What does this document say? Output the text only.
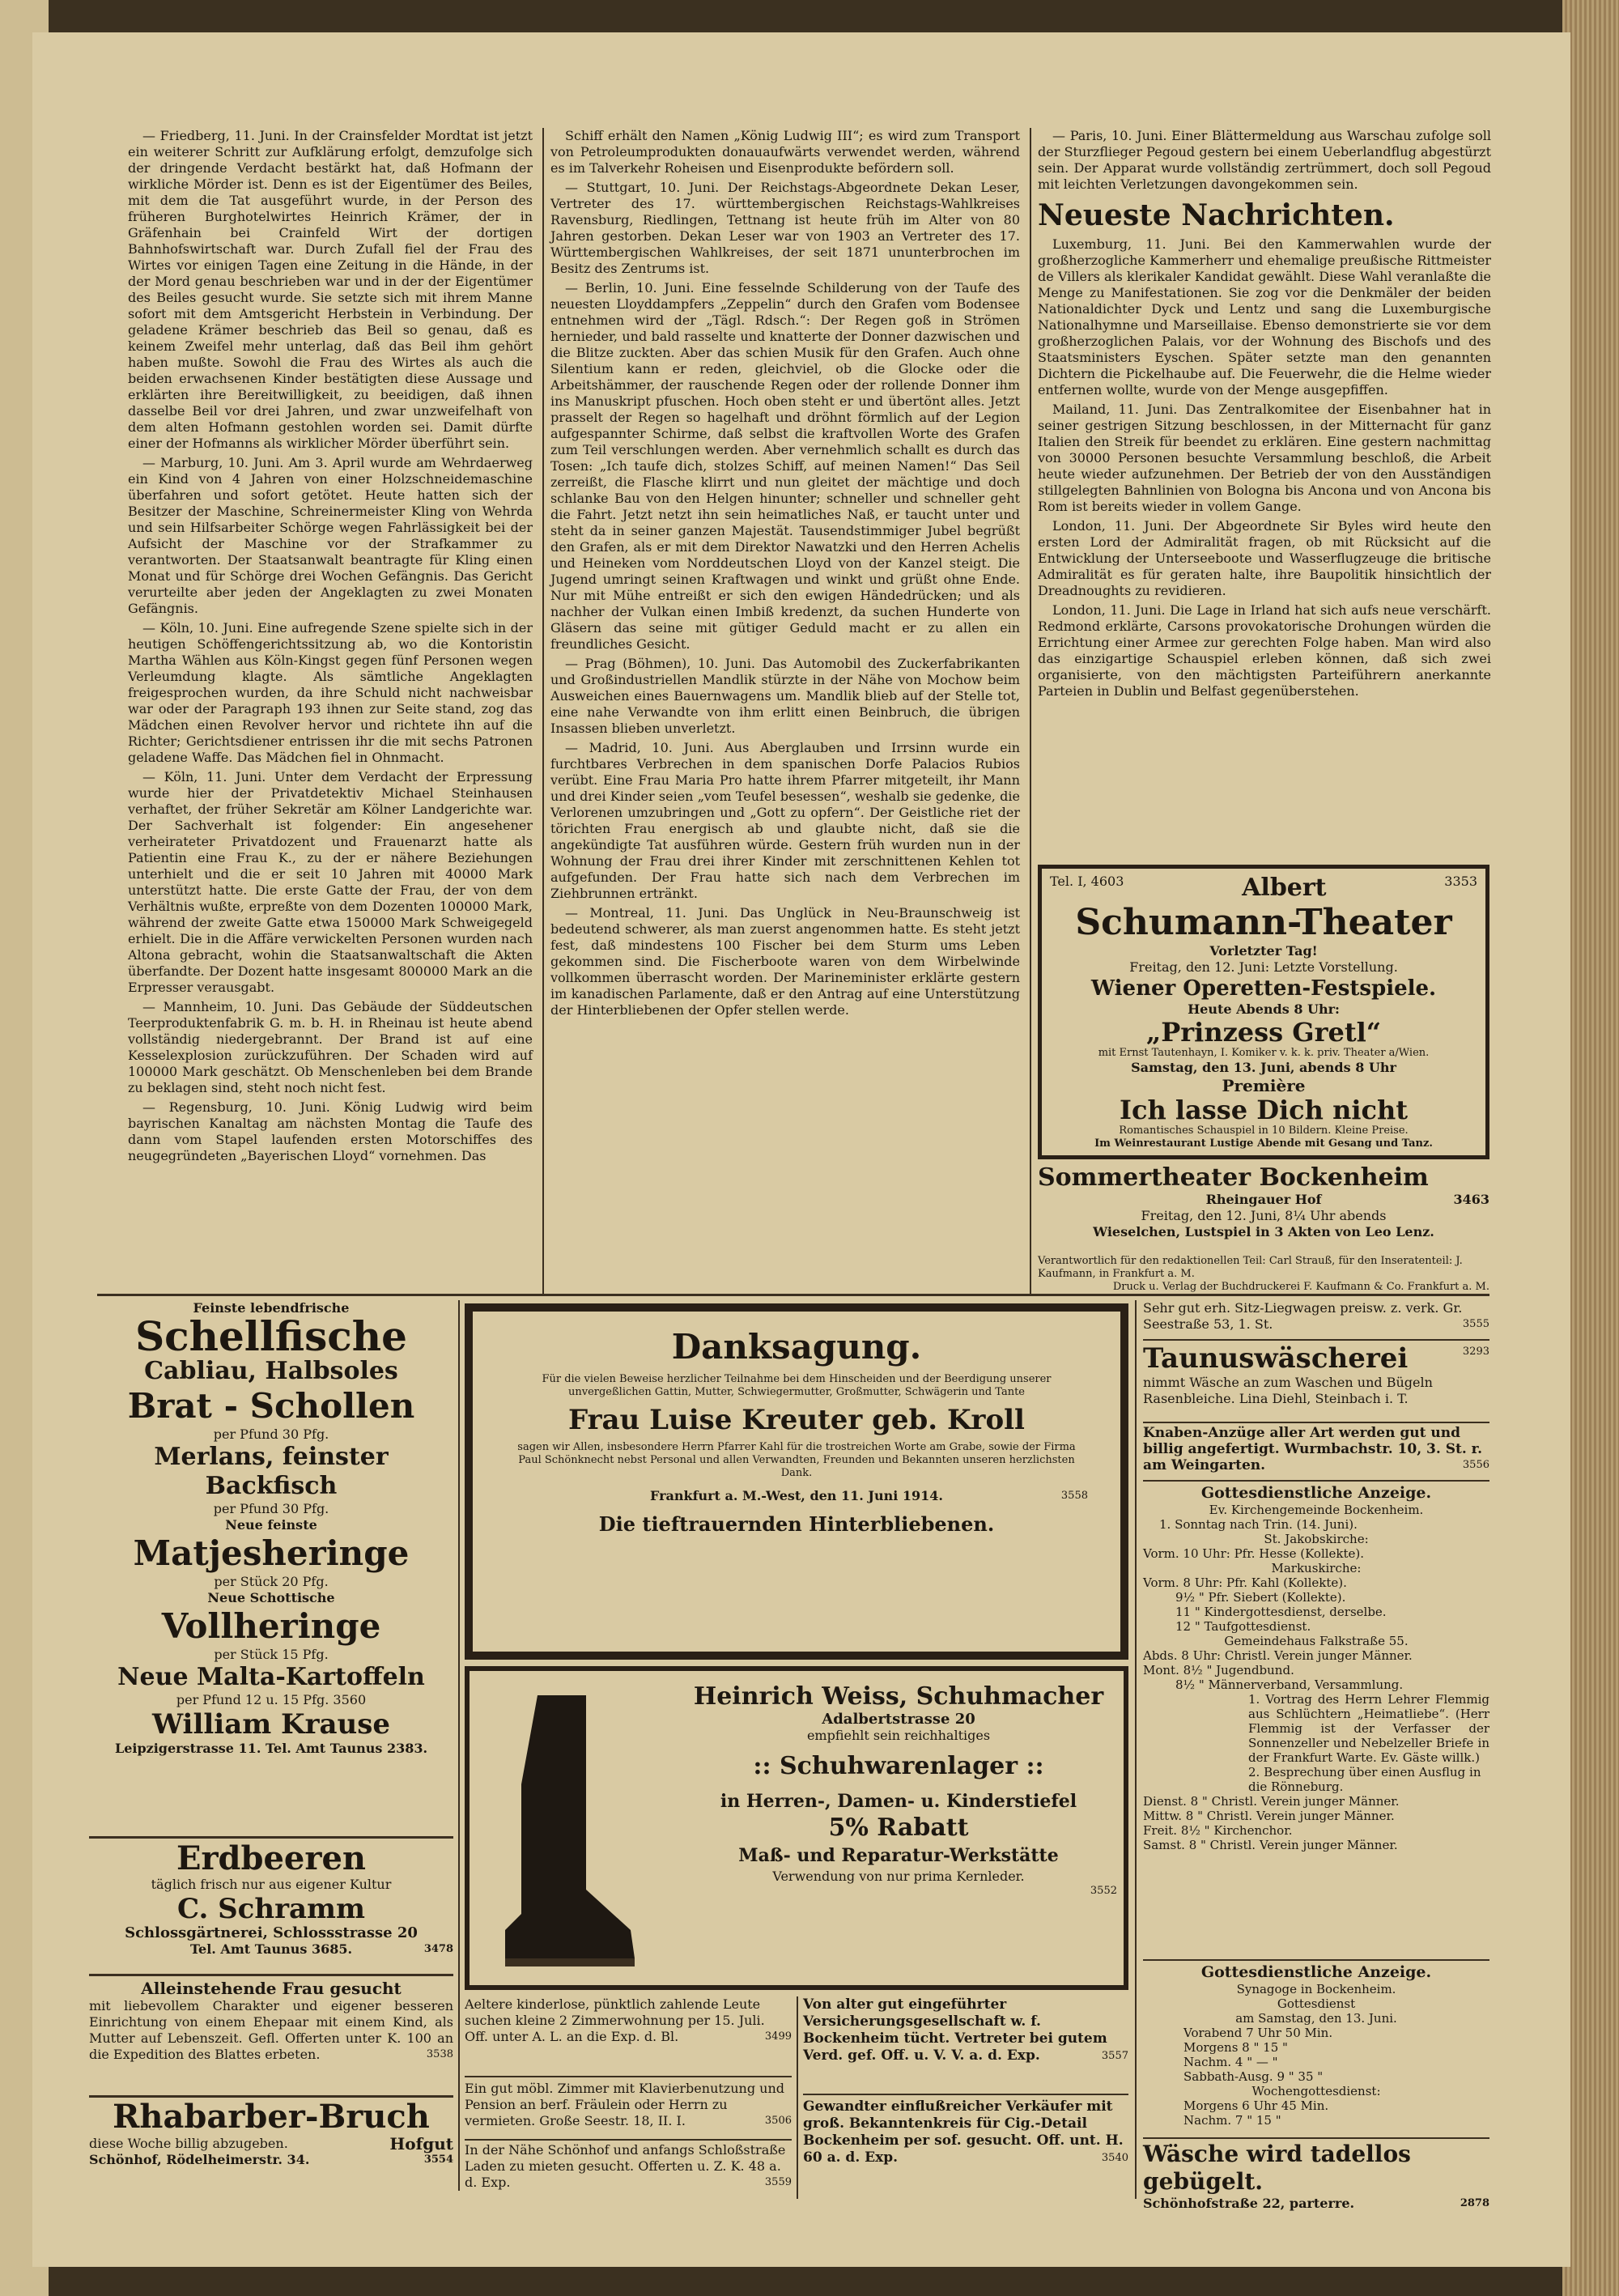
— Friedberg, 11. Juni. In der Crainsfelder Mordtat ist jetzt ein weiterer Schritt zur Aufklärung erfolgt, demzufolge sich der dringende Verdacht bestärkt hat, daß Hofmann der wirkliche Mörder ist. Denn es ist der Eigentümer des Beiles, mit dem die Tat ausgeführt wurde, in der Person des früheren Burghotelwirtes Heinrich Krämer, der in Gräfenhain bei Crainfeld Wirt der dortigen Bahnhofswirtschaft war. Durch Zufall fiel der Frau des Wirtes vor einigen Tagen eine Zeitung in die Hände, in der der Mord genau beschrieben war und in der der Eigentümer des Beiles gesucht wurde. Sie setzte sich mit ihrem Manne sofort mit dem Amtsgericht Herbstein in Verbindung. Der geladene Krämer beschrieb das Beil so genau, daß es keinem Zweifel mehr unterlag, daß das Beil ihm gehört haben mußte. Sowohl die Frau des Wirtes als auch die beiden erwachsenen Kinder bestätigten diese Aussage und erklärten ihre Bereitwilligkeit, zu beeidigen, daß ihnen dasselbe Beil vor drei Jahren, und zwar unzweifelhaft von dem alten Hofmann gestohlen worden sei. Damit dürfte einer der Hofmanns als wirklicher Mörder überführt sein.

— Marburg, 10. Juni. Am 3. April wurde am Wehrdaerweg ein Kind von 4 Jahren von einer Holzschneidemaschine überfahren und sofort getötet. Heute hatten sich der Besitzer der Maschine, Schreinermeister Kling von Wehrda und sein Hilfsarbeiter Schörge wegen Fahrlässigkeit bei der Aufsicht der Maschine vor der Strafkammer zu verantworten. Der Staatsanwalt beantragte für Kling einen Monat und für Schörge drei Wochen Gefängnis. Das Gericht verurteilte aber jeden der Angeklagten zu zwei Monaten Gefängnis.

— Köln, 10. Juni. Eine aufregende Szene spielte sich in der heutigen Schöffengerichtssitzung ab, wo die Kontoristin Martha Wählen aus Köln-Kingst gegen fünf Personen wegen Verleumdung klagte. Als sämtliche Angeklagten freigesprochen wurden, da ihre Schuld nicht nachweisbar war oder der Paragraph 193 ihnen zur Seite stand, zog das Mädchen einen Revolver hervor und richtete ihn auf die Richter; Gerichtsdiener entrissen ihr die mit sechs Patronen geladene Waffe. Das Mädchen fiel in Ohnmacht.

— Köln, 11. Juni. Unter dem Verdacht der Erpressung wurde hier der Privatdetektiv Michael Steinhausen verhaftet, der früher Sekretär am Kölner Landgerichte war. Der Sachverhalt ist folgender: Ein angesehener verheirateter Privatdozent und Frauenarzt hatte als Patientin eine Frau K., zu der er nähere Beziehungen unterhielt und die er seit 10 Jahren mit 40000 Mark unterstützt hatte. Die erste Gatte der Frau, der von dem Verhältnis wußte, erpreßte von dem Dozenten 100000 Mark, während der zweite Gatte etwa 150000 Mark Schweigegeld erhielt. Die in die Affäre verwickelten Personen wurden nach Altona gebracht, wohin die Staatsanwaltschaft die Akten überfandte. Der Dozent hatte insgesamt 800000 Mark an die Erpresser verausgabt.

— Mannheim, 10. Juni. Das Gebäude der Süddeutschen Teerproduktenfabrik G. m. b. H. in Rheinau ist heute abend vollständig niedergebrannt. Der Brand ist auf eine Kesselexplosion zurückzuführen. Der Schaden wird auf 100000 Mark geschätzt. Ob Menschenleben bei dem Brande zu beklagen sind, steht noch nicht fest.

— Regensburg, 10. Juni. König Ludwig wird beim bayrischen Kanaltag am nächsten Montag die Taufe des dann vom Stapel laufenden ersten Motorschiffes des neugegründeten „Bayerischen Lloyd“ vornehmen. Das

Schiff erhält den Namen „König Ludwig III“; es wird zum Transport von Petroleumprodukten donauaufwärts verwendet werden, während es im Talverkehr Roheisen und Eisenprodukte befördern soll.

— Stuttgart, 10. Juni. Der Reichstags-Abgeordnete Dekan Leser, Vertreter des 17. württembergischen Reichstags-Wahlkreises Ravensburg, Riedlingen, Tettnang ist heute früh im Alter von 80 Jahren gestorben. Dekan Leser war von 1903 an Vertreter des 17. Württembergischen Wahlkreises, der seit 1871 ununterbrochen im Besitz des Zentrums ist.

— Berlin, 10. Juni. Eine fesselnde Schilderung von der Taufe des neuesten Lloyddampfers „Zeppelin“ durch den Grafen vom Bodensee entnehmen wird der „Tägl. Rdsch.“: Der Regen goß in Strömen hernieder, und bald rasselte und knatterte der Donner dazwischen und die Blitze zuckten. Aber das schien Musik für den Grafen. Auch ohne Silentium kann er reden, gleichviel, ob die Glocke oder die Arbeitshämmer, der rauschende Regen oder der rollende Donner ihm ins Manuskript pfuschen. Hoch oben steht er und übertönt alles. Jetzt prasselt der Regen so hagelhaft und dröhnt förmlich auf der Legion aufgespannter Schirme, daß selbst die kraftvollen Worte des Grafen zum Teil verschlungen werden. Aber vernehmlich schallt es durch das Tosen: „Ich taufe dich, stolzes Schiff, auf meinen Namen!“ Das Seil zerreißt, die Flasche klirrt und nun gleitet der mächtige und doch schlanke Bau von den Helgen hinunter; schneller und schneller geht die Fahrt. Jetzt netzt ihn sein heimatliches Naß, er taucht unter und steht da in seiner ganzen Majestät. Tausendstimmiger Jubel begrüßt den Grafen, als er mit dem Direktor Nawatzki und den Herren Achelis und Heineken vom Norddeutschen Lloyd von der Kanzel steigt. Die Jugend umringt seinen Kraftwagen und winkt und grüßt ohne Ende. Nur mit Mühe entreißt er sich den ewigen Händedrücken; und als nachher der Vulkan einen Imbiß kredenzt, da suchen Hunderte von Gläsern das seine mit gütiger Geduld macht er zu allen ein freundliches Gesicht.

— Prag (Böhmen), 10. Juni. Das Automobil des Zuckerfabrikanten und Großindustriellen Mandlik stürzte in der Nähe von Mochow beim Ausweichen eines Bauernwagens um. Mandlik blieb auf der Stelle tot, eine nahe Verwandte von ihm erlitt einen Beinbruch, die übrigen Insassen blieben unverletzt.

— Madrid, 10. Juni. Aus Aberglauben und Irrsinn wurde ein furchtbares Verbrechen in dem spanischen Dorfe Palacios Rubios verübt. Eine Frau Maria Pro hatte ihrem Pfarrer mitgeteilt, ihr Mann und drei Kinder seien „vom Teufel besessen“, weshalb sie gedenke, die Verlorenen umzubringen und „Gott zu opfern“. Der Geistliche riet der törichten Frau energisch ab und glaubte nicht, daß sie die angekündigte Tat ausführen würde. Gestern früh wurden nun in der Wohnung der Frau drei ihrer Kinder mit zerschnittenen Kehlen tot aufgefunden. Der Frau hatte sich nach dem Verbrechen im Ziehbrunnen ertränkt.

— Montreal, 11. Juni. Das Unglück in Neu-Braunschweig ist bedeutend schwerer, als man zuerst angenommen hatte. Es steht jetzt fest, daß mindestens 100 Fischer bei dem Sturm ums Leben gekommen sind. Die Fischerboote waren von dem Wirbelwinde vollkommen überrascht worden. Der Marineminister erklärte gestern im kanadischen Parlamente, daß er den Antrag auf eine Unterstützung der Hinterbliebenen der Opfer stellen werde.

— Paris, 10. Juni. Einer Blättermeldung aus Warschau zufolge soll der Sturzflieger Pegoud gestern bei einem Ueberlandflug abgestürzt sein. Der Apparat wurde vollständig zertrümmert, doch soll Pegoud mit leichten Verletzungen davongekommen sein.

Neueste Nachrichten.

Luxemburg, 11. Juni. Bei den Kammerwahlen wurde der großherzogliche Kammerherr und ehemalige preußische Rittmeister de Villers als klerikaler Kandidat gewählt. Diese Wahl veranlaßte die Menge zu Manifestationen. Sie zog vor die Denkmäler der beiden Nationaldichter Dyck und Lentz und sang die Luxemburgische Nationalhymne und Marseillaise. Ebenso demonstrierte sie vor dem großherzoglichen Palais, vor der Wohnung des Bischofs und des Staatsministers Eyschen. Später setzte man den genannten Dichtern die Pickelhaube auf. Die Feuerwehr, die die Helme wieder entfernen wollte, wurde von der Menge ausgepfiffen.

Mailand, 11. Juni. Das Zentralkomitee der Eisenbahner hat in seiner gestrigen Sitzung beschlossen, in der Mitternacht für ganz Italien den Streik für beendet zu erklären. Eine gestern nachmittag von 30000 Personen besuchte Versammlung beschloß, die Arbeit heute wieder aufzunehmen. Der Betrieb der von den Ausständigen stillgelegten Bahnlinien von Bologna bis Ancona und von Ancona bis Rom ist bereits wieder in vollem Gange.

London, 11. Juni. Der Abgeordnete Sir Byles wird heute den ersten Lord der Admiralität fragen, ob mit Rücksicht auf die Entwicklung der Unterseeboote und Wasserflugzeuge die britische Admiralität es für geraten halte, ihre Baupolitik hinsichtlich der Dreadnoughts zu revidieren.

London, 11. Juni. Die Lage in Irland hat sich aufs neue verschärft. Redmond erklärte, Carsons provokatorische Drohungen würden die Errichtung einer Armee zur gerechten Folge haben. Man wird also das einzigartige Schauspiel erleben können, daß sich zwei organisierte, von den mächtigsten Parteiführern anerkannte Parteien in Dublin und Belfast gegenüberstehen.

Tel. I, 4603	3353
Albert
Schumann-Theater
Vorletzter Tag!
Freitag, den 12. Juni: Letzte Vorstellung.
Wiener Operetten-Festspiele.
Heute Abends 8 Uhr:
„Prinzess Gretl“
mit Ernst Tautenhayn, I. Komiker v. k. k. priv. Theater a/Wien.
Samstag, den 13. Juni, abends 8 Uhr
Première
Ich lasse Dich nicht
Romantisches Schauspiel in 10 Bildern. Kleine Preise.
Im Weinrestaurant Lustige Abende mit Gesang und Tanz.
Sommertheater Bockenheim
Rheingauer Hof	3463
Freitag, den 12. Juni, 8¼ Uhr abends
Wieselchen, Lustspiel in 3 Akten von Leo Lenz.
Verantwortlich für den redaktionellen Teil: Carl Strauß, für den Inseratenteil: J. Kaufmann, in Frankfurt a. M.
Druck u. Verlag der Buchdruckerei F. Kaufmann & Co. Frankfurt a. M.
Feinste lebendfrische
Schellfische
Cabliau, Halbsoles
Brat - Schollen
per Pfund 30 Pfg.
Merlans, feinster Backfisch
per Pfund 30 Pfg.
Neue feinste
Matjesheringe
per Stück 20 Pfg.
Neue Schottische
Vollheringe
per Stück 15 Pfg.
Neue Malta-Kartoffeln
per Pfund 12 u. 15 Pfg. 3560
William Krause
Leipzigerstrasse 11. Tel. Amt Taunus 2383.
Erdbeeren
täglich frisch nur aus eigener Kultur
C. Schramm
Schlossgärtnerei, Schlossstrasse 20
Tel. Amt Taunus 3685.	3478
Alleinstehende Frau gesucht
mit liebevollem Charakter und eigener besseren Einrichtung von einem Ehepaar mit einem Kind, als Mutter auf Lebenszeit. Gefl. Offerten unter K. 100 an die Expedition des Blattes erbeten.	3538
Rhabarber-Bruch
diese Woche billig abzugeben.	Hofgut
Schönhof, Rödelheimerstr. 34.	3554
Danksagung.
Für die vielen Beweise herzlicher Teilnahme bei dem Hinscheiden und der Beerdigung unserer unvergeßlichen Gattin, Mutter, Schwiegermutter, Großmutter, Schwägerin und Tante
Frau Luise Kreuter geb. Kroll
sagen wir Allen, insbesondere Herrn Pfarrer Kahl für die trostreichen Worte am Grabe, sowie der Firma Paul Schönknecht nebst Personal und allen Verwandten, Freunden und Bekannten unseren herzlichsten Dank.
Frankfurt a. M.-West, den 11. Juni 1914.	3558
Die tieftrauernden Hinterbliebenen.
Heinrich Weiss, Schuhmacher
Adalbertstrasse 20
empfiehlt sein reichhaltiges
:: Schuhwarenlager ::
in Herren-, Damen- u. Kinderstiefel
5% Rabatt
Maß- und Reparatur-Werkstätte
Verwendung von nur prima Kernleder.
3552
Aeltere kinderlose, pünktlich zahlende Leute suchen kleine 2 Zimmerwohnung per 15. Juli. Off. unter A. L. an die Exp. d. Bl.	3499
Ein gut möbl. Zimmer mit Klavierbenutzung und Pension an berf. Fräulein oder Herrn zu vermieten. Große Seestr. 18, II. I.	3506
In der Nähe Schönhof und anfangs Schloßstraße Laden zu mieten gesucht. Offerten u. Z. K. 48 a. d. Exp.	3559
Von alter gut eingeführter Versicherungsgesellschaft w. f. Bockenheim tücht. Vertreter bei gutem Verd. gef. Off. u. V. V. a. d. Exp.	3557
Gewandter einflußreicher Verkäufer mit groß. Bekanntenkreis für Cig.-Detail Bockenheim per sof. gesucht. Off. unt. H. 60 a. d. Exp.	3540
Sehr gut erh. Sitz-Liegwagen preisw. z. verk. Gr. Seestraße 53, 1. St.	3555
Taunuswäscherei
nimmt Wäsche an zum Waschen und Bügeln Rasenbleiche. Lina Diehl, Steinbach i. T.
3293
Knaben-Anzüge aller Art werden gut und billig angefertigt. Wurmbachstr. 10, 3. St. r. am Weingarten.	3556
Gottesdienstliche Anzeige.
Ev. Kirchengemeinde Bockenheim.
1. Sonntag nach Trin. (14. Juni).
St. Jakobskirche:
Vorm. 10 Uhr: Pfr. Hesse (Kollekte).
Markuskirche:
Vorm. 8 Uhr: Pfr. Kahl (Kollekte).
9½ " Pfr. Siebert (Kollekte).
11 " Kindergottesdienst, derselbe.
12 " Taufgottesdienst.
Gemeindehaus Falkstraße 55.
Abds. 8 Uhr: Christl. Verein junger Männer.
Mont. 8½ " Jugendbund.
8½ " Männerverband, Versammlung.
1. Vortrag des Herrn Lehrer Flemmig aus Schlüchtern „Heimatliebe“. (Herr Flemmig ist der Verfasser der Sonnenzeller und Nebelzeller Briefe in der Frankfurt Warte. Ev. Gäste willk.)
2. Besprechung über einen Ausflug in die Rönneburg.
Dienst. 8 " Christl. Verein junger Männer.
Mittw. 8 " Christl. Verein junger Männer.
Freit. 8½ " Kirchenchor.
Samst. 8 " Christl. Verein junger Männer.
Gottesdienstliche Anzeige.
Synagoge in Bockenheim.
Gottesdienst
am Samstag, den 13. Juni.
Vorabend 7 Uhr 50 Min.
Morgens 8 " 15 "
Nachm. 4 " — "
Sabbath-Ausg. 9 " 35 "
Wochengottesdienst:
Morgens 6 Uhr 45 Min.
Nachm. 7 " 15 "
Wäsche wird tadellos gebügelt.
Schönhofstraße 22, parterre.	2878
